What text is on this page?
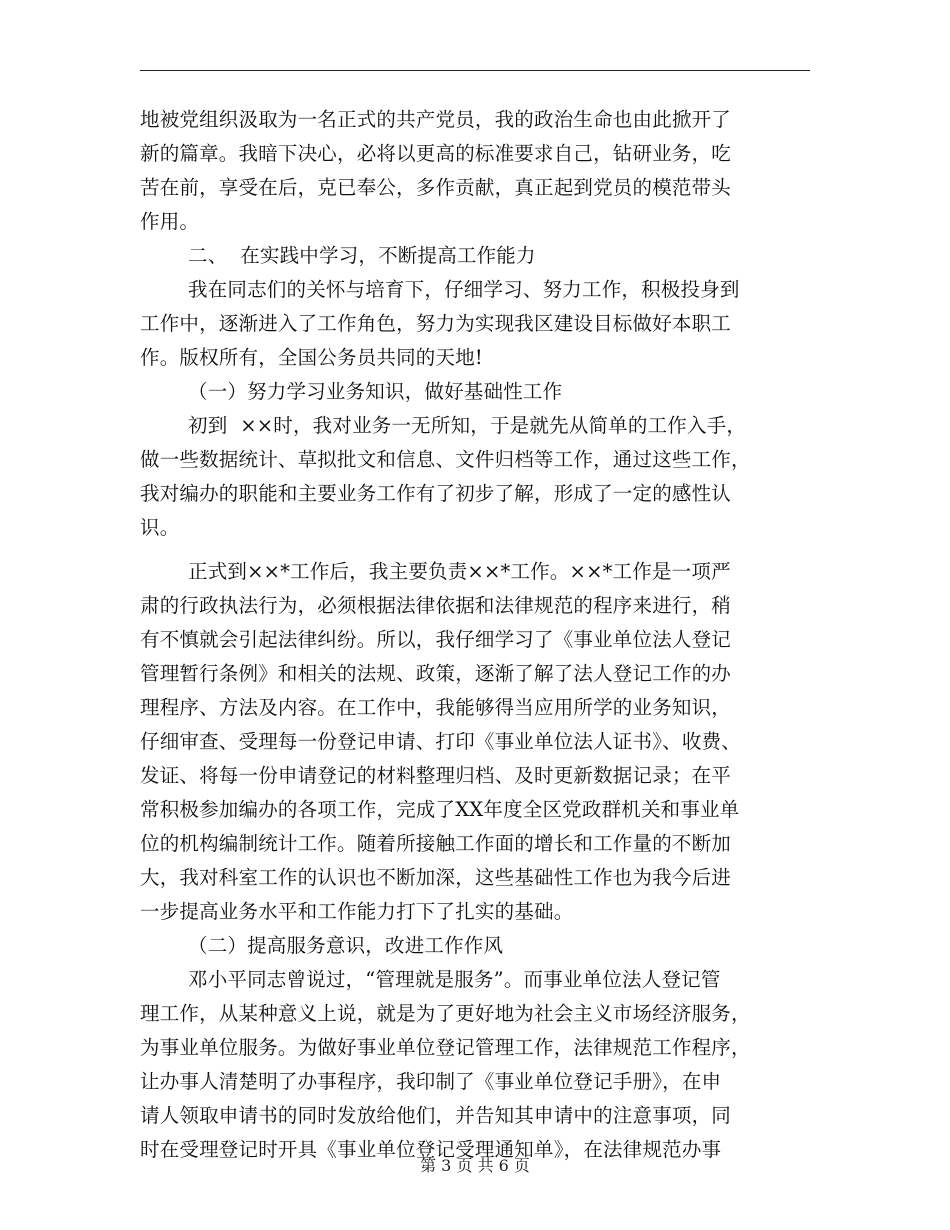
地被党组织汲取为一名正式的共产党员，我的政治生命也由此掀开了
新的篇章。我暗下决心，必将以更高的标准要求自己，钻研业务，吃
苦在前，享受在后，克已奉公，多作贡献，真正起到党员的模范带头
作用。
二、  在实践中学习，不断提高工作能力
我在同志们的关怀与培育下，仔细学习、努力工作，积极投身到
工作中，逐渐进入了工作角色，努力为实现我区建设目标做好本职工
作。版权所有，全国公务员共同的天地!
（一）努力学习业务知识，做好基础性工作
初到  ××时，我对业务一无所知，于是就先从简单的工作入手，
做一些数据统计、草拟批文和信息、文件归档等工作，通过这些工作，
我对编办的职能和主要业务工作有了初步了解，形成了一定的感性认
识。
正式到××*工作后，我主要负责××*工作。××*工作是一项严
肃的行政执法行为，必须根据法律依据和法律规范的程序来进行，稍
有不慎就会引起法律纠纷。所以，我仔细学习了《事业单位法人登记
管理暂行条例》和相关的法规、政策，逐渐了解了法人登记工作的办
理程序、方法及内容。在工作中，我能够得当应用所学的业务知识，
仔细审查、受理每一份登记申请、打印《事业单位法人证书》、收费、
发证、将每一份申请登记的材料整理归档、及时更新数据记录；在平
常积极参加编办的各项工作，完成了XX年度全区党政群机关和事业单
位的机构编制统计工作。随着所接触工作面的增长和工作量的不断加
大，我对科室工作的认识也不断加深，这些基础性工作也为我今后进
一步提高业务水平和工作能力打下了扎实的基础。
（二）提高服务意识，改进工作作风
邓小平同志曾说过，“管理就是服务”。而事业单位法人登记管
理工作，从某种意义上说，就是为了更好地为社会主义市场经济服务，
为事业单位服务。为做好事业单位登记管理工作，法律规范工作程序，
让办事人清楚明了办事程序，我印制了《事业单位登记手册》，在申
请人领取申请书的同时发放给他们，并告知其申请中的注意事项，同
时在受理登记时开具《事业单位登记受理通知单》，在法律规范办事
第 3 页 共 6 页
